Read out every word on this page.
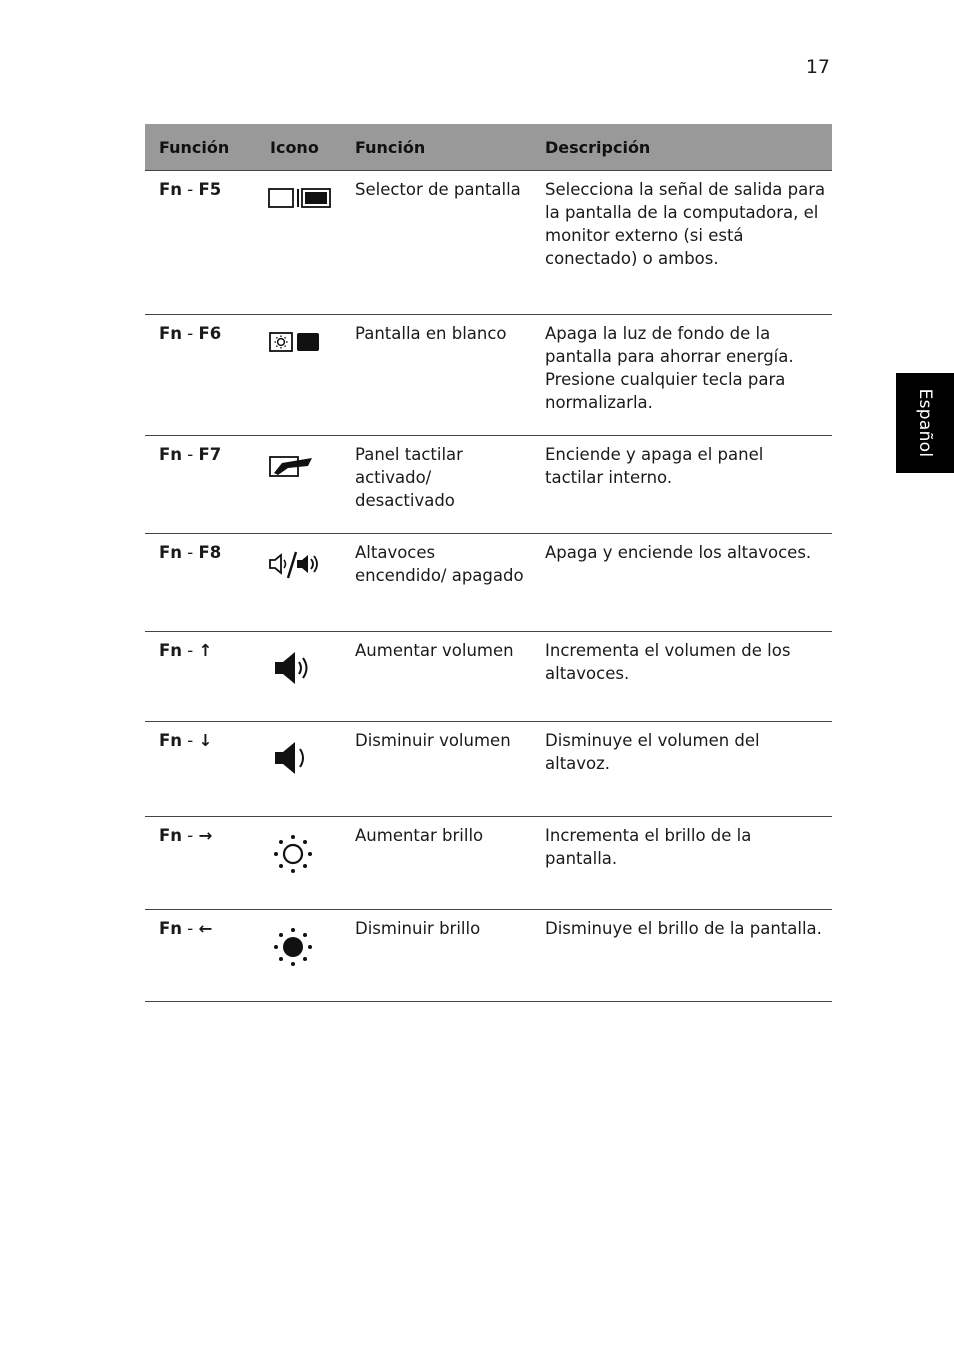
17
Español
Función	Icono	Función	Descripción
Fn - F5		Selector de pantalla	Selecciona la señal de salida para la pantalla de la computadora, el monitor externo (si está conectado) o ambos.
Fn - F6		Pantalla en blanco	Apaga la luz de fondo de la pantalla para ahorrar energía. Presione cualquier tecla para normalizarla.
Fn - F7		Panel tactilar activado/ desactivado	Enciende y apaga el panel tactilar interno.
Fn - F8		Altavoces encendido/ apagado	Apaga y enciende los altavoces.
Fn - ↑		Aumentar volumen	Incrementa el volumen de los altavoces.
Fn - ↓		Disminuir volumen	Disminuye el volumen del altavoz.
Fn - →		Aumentar brillo	Incrementa el brillo de la pantalla.
Fn - ←		Disminuir brillo	Disminuye el brillo de la pantalla.
